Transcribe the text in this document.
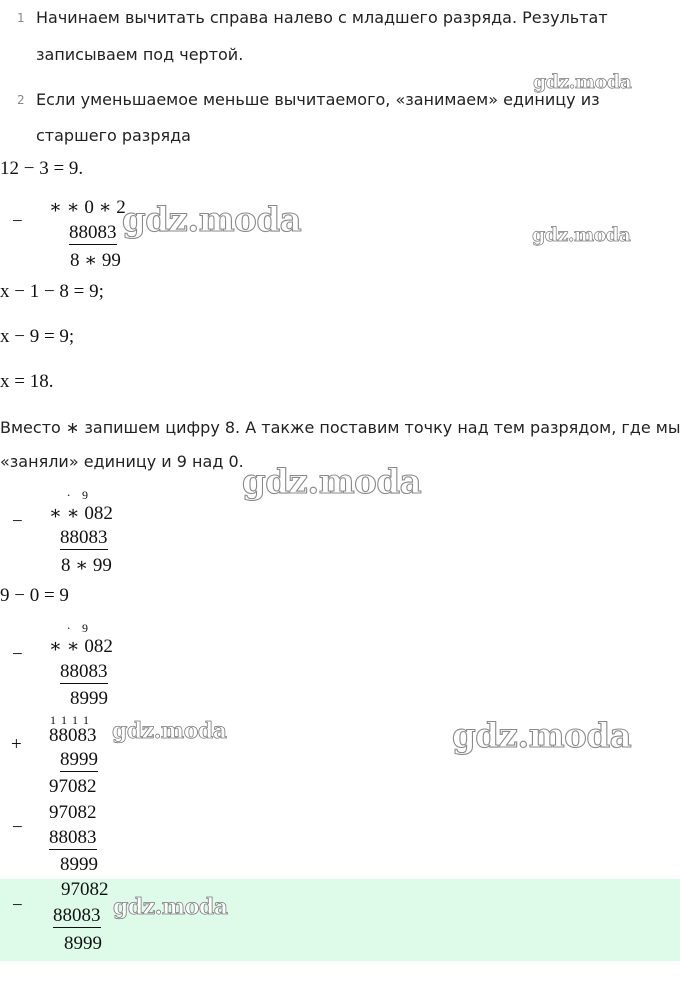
1 Начинаем вычитать справа налево с младшего разряда. Результат
записываем под чертой.
gdz.moda
2 Если уменьшаемое меньше вычитаемого, «занимаем» единицу из
старшего разряда
12 − 3 = 9.
−
∗ ∗ 0 ∗ 2
88083
8 ∗ 99
gdz.moda	gdz.moda
x − 1 − 8 = 9;
x − 9 = 9;
x = 18.
Вместо ∗ запишем цифру 8. А также поставим точку над тем разрядом, где мы
«заняли» единицу и 9 над 0.
gdz.moda
. 9
− ∗ ∗ 082
88083
8 ∗ 99
9 − 0 = 9
. 9
− ∗ ∗ 082
88083
8999
1 1 1 1
+ 88083
8999
97082
gdz.moda	gdz.moda
−
97082
88083
8999
−
97082
88083
8999
gdz.moda
